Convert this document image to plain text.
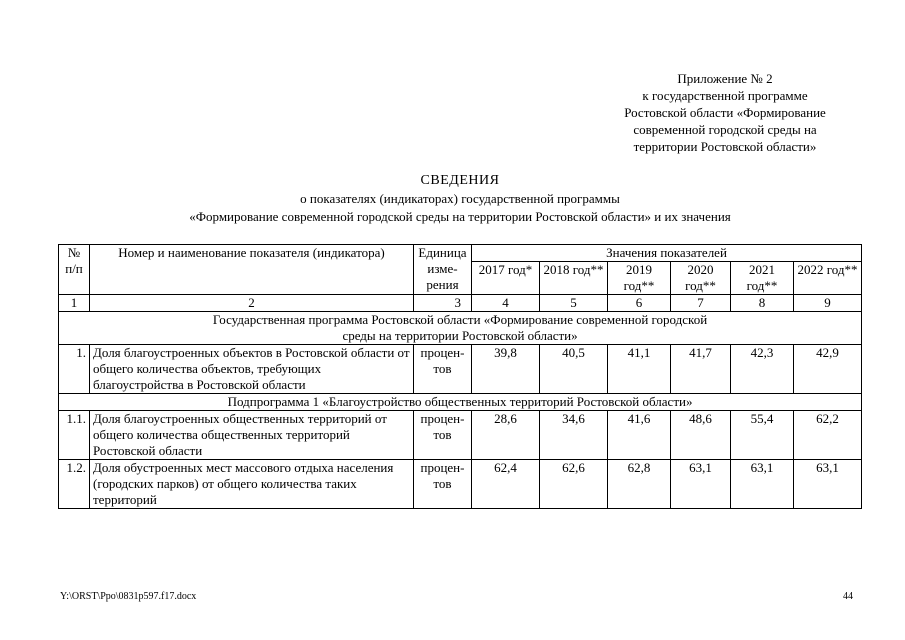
Приложение № 2
к государственной программе
Ростовской области «Формирование
современной городской среды на
территории Ростовской области»
СВЕДЕНИЯ
о показателях (индикаторах) государственной программы
«Формирование современной городской среды на территории Ростовской области» и их значения
№ п/п	Номер и наименование показателя (индикатора)	Единица изме- рения	Значения показателей					
			2017 год*	2018 год**	2019 год**	2020 год**	2021 год**	2022 год**
1	2	3	4	5	6	7	8	9
Государственная программа Ростовской области «Формирование современной городской среды на территории Ростовской области»								
1.	Доля благоустроенных объектов в Ростовской области от общего количества объектов, требующих благоустройства в Ростовской области	процен- тов	39,8	40,5	41,1	41,7	42,3	42,9
Подпрограмма 1 «Благоустройство общественных территорий Ростовской области»								
1.1.	Доля благоустроенных общественных территорий от общего количества общественных территорий Ростовской области	процен- тов	28,6	34,6	41,6	48,6	55,4	62,2
1.2.	Доля обустроенных мест массового отдыха населения (городских парков) от общего количества таких территорий	процен- тов	62,4	62,6	62,8	63,1	63,1	63,1
Y:\ORST\Ppo\0831p597.f17.docx	44
